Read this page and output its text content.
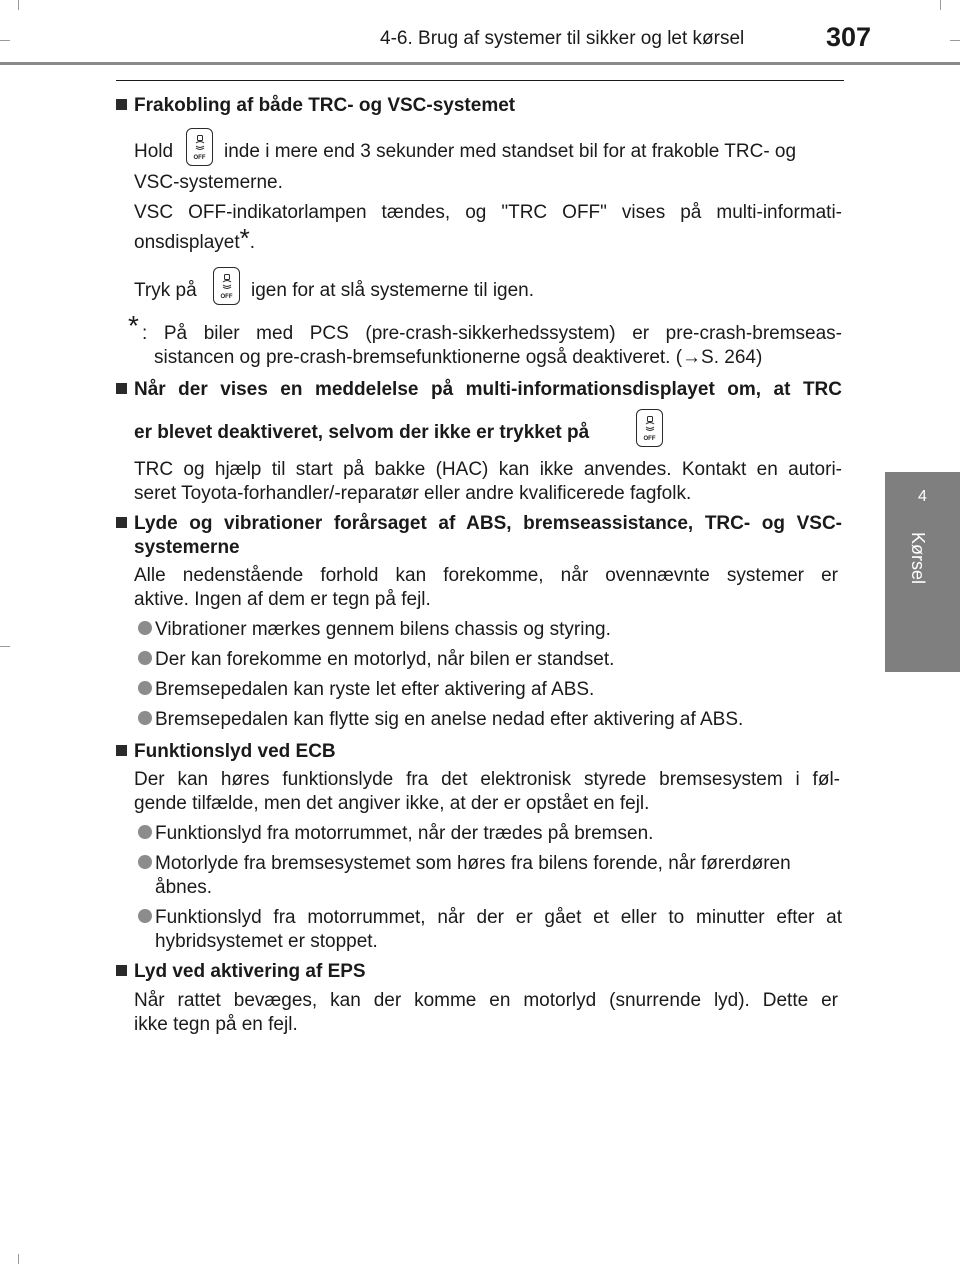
4-6. Brug af systemer til sikker og let kørsel	307
4
Kørsel
Frakobling af både TRC- og VSC-systemet
Hold	OFF inde i mere end 3 sekunder med standset bil for at frakoble TRC- og
VSC-systemerne.
VSC OFF-indikatorlampen tændes, og "TRC OFF" vises på multi-informati-
onsdisplayet*.
Tryk på	OFF igen for at slå systemerne til igen.
* : På biler med PCS (pre-crash-sikkerhedssystem) er pre-crash-bremseas-
sistancen og pre-crash-bremsefunktionerne også deaktiveret. (→S. 264)
Når der vises en meddelelse på multi-informationsdisplayet om, at TRC
er blevet deaktiveret, selvom der ikke er trykket på	OFF
TRC og hjælp til start på bakke (HAC) kan ikke anvendes. Kontakt en autori-
seret Toyota-forhandler/-reparatør eller andre kvalificerede fagfolk.
Lyde og vibrationer forårsaget af ABS, bremseassistance, TRC- og VSC-
systemerne
Alle nedenstående forhold kan forekomme, når ovennævnte systemer er
aktive. Ingen af dem er tegn på fejl.
Vibrationer mærkes gennem bilens chassis og styring.
Der kan forekomme en motorlyd, når bilen er standset.
Bremsepedalen kan ryste let efter aktivering af ABS.
Bremsepedalen kan flytte sig en anelse nedad efter aktivering af ABS.
Funktionslyd ved ECB
Der kan høres funktionslyde fra det elektronisk styrede bremsesystem i føl-
gende tilfælde, men det angiver ikke, at der er opstået en fejl.
Funktionslyd fra motorrummet, når der trædes på bremsen.
Motorlyde fra bremsesystemet som høres fra bilens forende, når førerdøren
åbnes.
Funktionslyd fra motorrummet, når der er gået et eller to minutter efter at
hybridsystemet er stoppet.
Lyd ved aktivering af EPS
Når rattet bevæges, kan der komme en motorlyd (snurrende lyd). Dette er
ikke tegn på en fejl.
